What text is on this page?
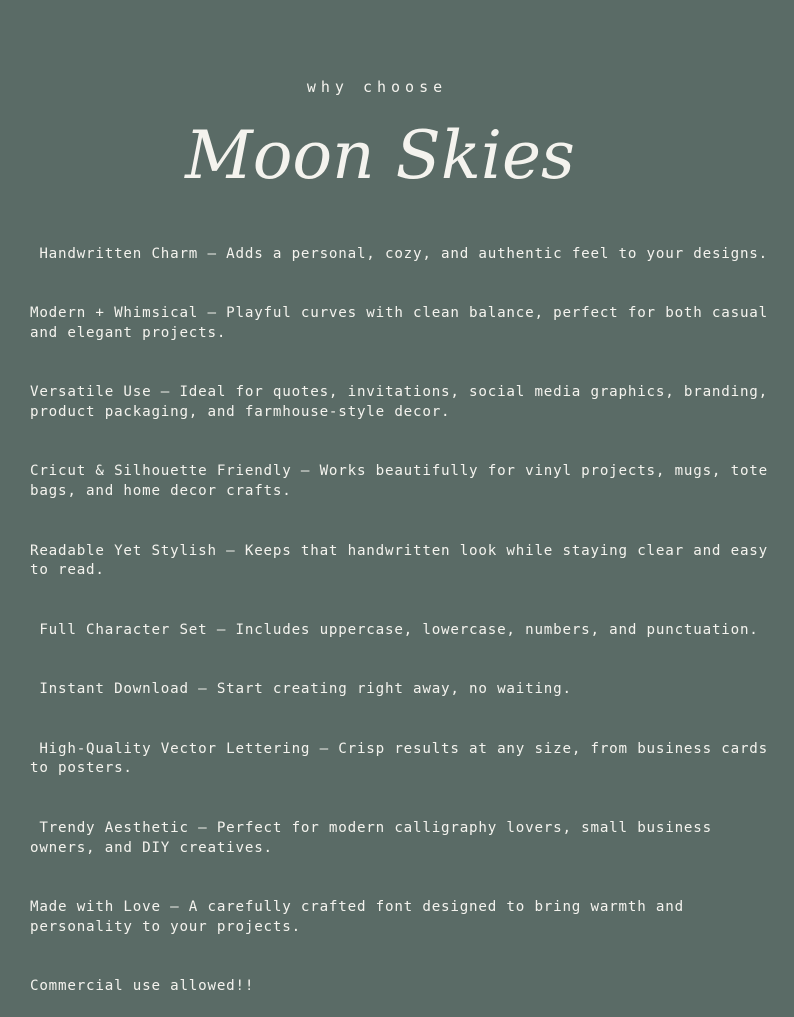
why choose
Moon Skies

Handwritten Charm – Adds a personal, cozy, and authentic feel to your designs.

Modern + Whimsical – Playful curves with clean balance, perfect for both casual and elegant projects.

Versatile Use – Ideal for quotes, invitations, social media graphics, branding, product packaging, and farmhouse-style decor.

Cricut & Silhouette Friendly – Works beautifully for vinyl projects, mugs, tote bags, and home decor crafts.

Readable Yet Stylish – Keeps that handwritten look while staying clear and easy to read.

Full Character Set – Includes uppercase, lowercase, numbers, and punctuation.

Instant Download – Start creating right away, no waiting.

High-Quality Vector Lettering – Crisp results at any size, from business cards to posters.

Trendy Aesthetic – Perfect for modern calligraphy lovers, small business owners, and DIY creatives.

Made with Love – A carefully crafted font designed to bring warmth and personality to your projects.

Commercial use allowed!!
